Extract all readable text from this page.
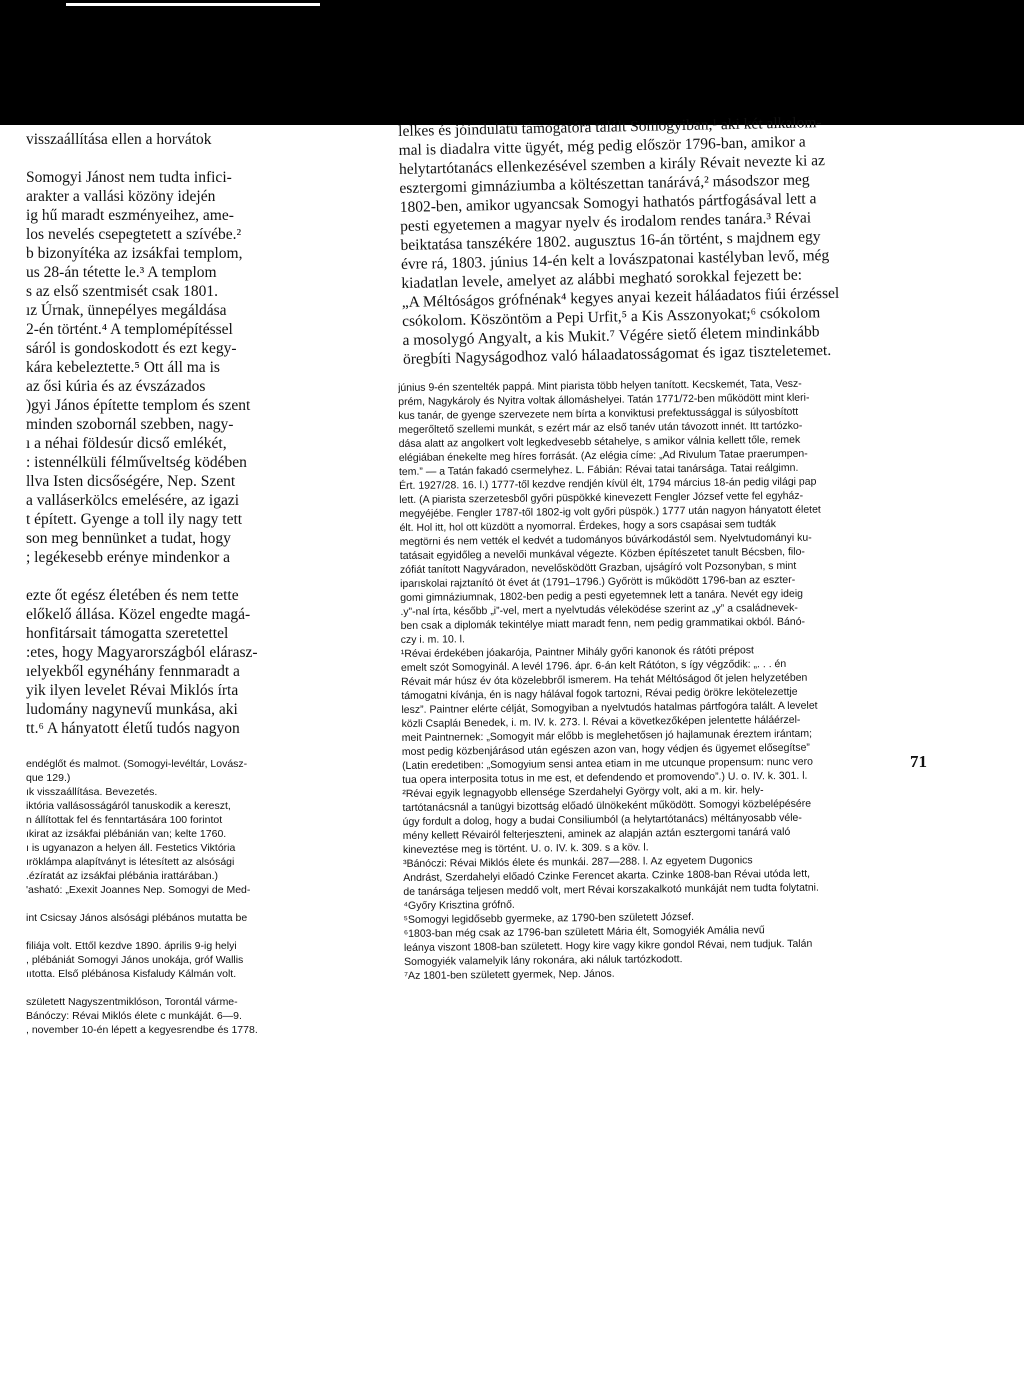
visszaállítása ellen a horvátok

Somogyi Jánost nem tudta infici-
arakter a vallási közöny idején
ig hű maradt eszményeihez, ame-
los nevelés csepegtetett a szívébe.²
b bizonyítéka az izsákfai templom,
us 28-án tétette le.³ A templom
s az első szentmisét csak 1801.
ız Úrnak, ünnepélyes megáldása
2-én történt.⁴ A templomépítéssel
sáról is gondoskodott és ezt kegy-
kára kebeleztette.⁵ Ott áll ma is
az ősi kúria és az évszázados
)gyi János építette templom és szent
minden szobornál szebben, nagy-
ı a néhai földesúr dicső emlékét,
: istennélküli félműveltség ködében
llva Isten dicsőségére, Nep. Szent
a valláserkölcs emelésére, az igazi
t épített. Gyenge a toll ily nagy tett
son meg bennünket a tudat, hogy
; legékesebb erénye mindenkor a

ezte őt egész életében és nem tette
előkelő állása. Közel engedte magá-
honfitársait támogatta szeretettel
:etes, hogy Magyarországból elárasz-
ıelyekből egynéhány fennmaradt a
yik ilyen levelet Révai Miklós írta
ludomány nagynevű munkása, aki
tt.⁶ A hányatott életű tudós nagyon
endéglőt és malmot. (Somogyi-levéltár, Lovász-
que 129.)
ık visszaállítása. Bevezetés.
iktória vallásosságáról tanuskodik a kereszt,
n állítottak fel és fenntartására 100 forintot
ıkirat az izsákfai plébánián van; kelte 1760.
ı is ugyanazon a helyen áll. Festetics Viktória
ıröklámpa alapítványt is létesített az alsósági
.ézíratát az izsákfai plébánia irattárában.)
'asható: „Exexit Joannes Nep. Somogyi de Med-

int Csicsay János alsósági plébános mutatta be

filiája volt. Ettől kezdve 1890. április 9-ig helyi
, plébániát Somogyi János unokája, gróf Wallis
ııtotta. Első plébánosa Kisfaludy Kálmán volt.

született Nagyszentmiklóson, Torontál várme-
Bánóczy: Révai Miklós élete c munkáját. 6—9.
, november 10-én lépett a kegyesrendbe és 1778.
lelkes és jóindulatú támogatóra talált Somogyiban,¹ aki két alkalom-
mal is diadalra vitte ügyét, még pedig először 1796-ban, amikor a
helytartótanács ellenkezésével szemben a király Révait nevezte ki az
esztergomi gimnáziumba a költészettan tanárává,² másodszor meg
1802-ben, amikor ugyancsak Somogyi hathatós pártfogásával lett a
pesti egyetemen a magyar nyelv és irodalom rendes tanára.³ Révai
beiktatása tanszékére 1802. augusztus 16-án történt, s majdnem egy
évre rá, 1803. június 14-én kelt a lovászpatonai kastélyban levő, még
kiadatlan levele, amelyet az alábbi megható sorokkal fejezett be:
„A Méltóságos grófnénak⁴ kegyes anyai kezeit háláadatos fiúi érzéssel
csókolom. Köszöntöm a Pepi Urfit,⁵ a Kis Asszonyokat;⁶ csókolom
a mosolygó Angyalt, a kis Mukit.⁷ Végére siető életem mindinkább
öregbíti Nagyságodhoz való hálaadatosságomat és igaz tiszteletemet.
június 9-én szentelték pappá. Mint piarista több helyen tanított. Kecskemét, Tata, Vesz-
prém, Nagykároly és Nyitra voltak állomáshelyei. Tatán 1771/72-ben működött mint kleri-
kus tanár, de gyenge szervezete nem bírta a konviktusi prefektussággal is súlyosbított
megerőltető szellemi munkát, s ezért már az első tanév után távozott innét. Itt tartózko-
dása alatt az angolkert volt legkedvesebb sétahelye, s amikor válnia kellett tőle, remek
elégiában énekelte meg híres forrását. (Az elégia címe: „Ad Rivulum Tatae praerumpen-
tem.” — a Tatán fakadó csermelyhez. L. Fábián: Révai tatai tanársága. Tatai reálgimn.
Ért. 1927/28. 16. l.) 1777-től kezdve rendjén kívül élt, 1794 március 18-án pedig világi pap
lett. (A piarista szerzetesből győri püspökké kinevezett Fengler József vette fel egyház-
megyéjébe. Fengler 1787-től 1802-ig volt győri püspök.) 1777 után nagyon hányatott életet
élt. Hol itt, hol ott küzdött a nyomorral. Érdekes, hogy a sors csapásai sem tudták
megtörni és nem vették el kedvét a tudományos búvárkodástól sem. Nyelvtudományi ku-
tatásait egyidőleg a nevelői munkával végezte. Közben építészetet tanult Bécsben, filo-
zófiát tanított Nagyváradon, nevelősködött Grazban, ujságíró volt Pozsonyban, s mint
iparıskolai rajztanító öt évet át (1791–1796.) Győrött is működött 1796-ban az eszter-
gomi gimnáziumnak, 1802-ben pedig a pesti egyetemnek lett a tanára. Nevét egy ideig
.y”-nal írta, később „i”-vel, mert a nyelvtudás véleködése szerint az „y” a családnevek-
ben csak a diplomák tekintélye miatt maradt fenn, nem pedig grammatikai okból. Bánó-
czy i. m. 10. l.
¹Révai érdekében jóakarója, Paintner Mihály győri kanonok és rátóti prépost
emelt szót Somogyinál. A levél 1796. ápr. 6-án kelt Rátóton, s így végződik: „. . . én
Révait már húsz év óta közelebbről ismerem. Ha tehát Méltóságod őt jelen helyzetében
támogatni kívánja, én is nagy hálával fogok tartozni, Révai pedig örökre lekötelezettje
lesz”. Paintner elérte célját, Somogyiban a nyelvtudós hatalmas pártfogóra talált. A levelet
közli Csapláı Benedek, i. m. IV. k. 273. l. Révai a következőképen jelentette háláérzel-
meit Paintnernek: „Somogyit már előbb is meglehetősen jó hajlamunak éreztem irántam;
most pedig közbenjárásod után egészen azon van, hogy védjen és ügyemet elősegítse”
(Latin eredetiben: „Somogyium sensi antea etiam in me utcunque propensum: nunc vero
tua opera interposita totus in me est, et defendendo et promovendo”.) U. o. IV. k. 301. l.
²Révai egyik legnagyobb ellensége Szerdahelyi György volt, aki a m. kir. hely-
tartótanácsnál a tanügyi bizottság előadó ülnökeként működött. Somogyi közbelépésére
úgy fordult a dolog, hogy a budai Consiliumból (a helytartótanács) méltányosabb véle-
mény kellett Révairól felterjeszteni, aminek az alapján aztán esztergomi tanárá való
kineveztése meg is történt. U. o. IV. k. 309. s a köv. l.
³Bánóczi: Révai Miklós élete és munkái. 287—288. l. Az egyetem Dugonics
Andrást, Szerdahelyi előadó Czinke Ferencet akarta. Czinke 1808-ban Révai utóda lett,
de tanársága teljesen meddő volt, mert Révai korszakalkotó munkáját nem tudta folytatni.
⁴Győry Krisztina grófnő.
⁵Somogyi legidősebb gyermeke, az 1790-ben született József.
⁶1803-ban még csak az 1796-ban született Mária élt, Somogyiék Amália nevű
leánya viszont 1808-ban született. Hogy kire vagy kikre gondol Révai, nem tudjuk. Talán
Somogyiék valamelyik lány rokonára, aki náluk tartózkodott.
⁷Az 1801-ben született gyermek, Nep. János.
71
